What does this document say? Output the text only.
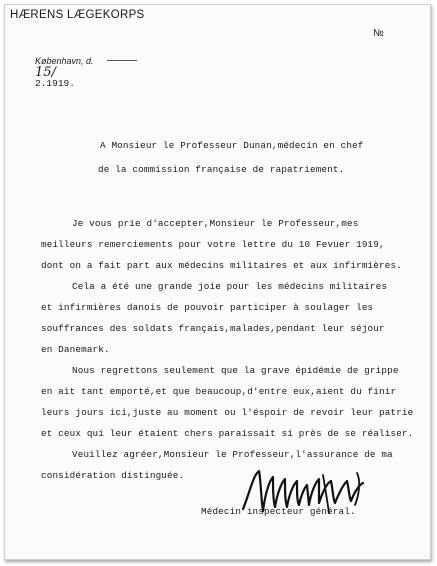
HÆRENS LÆGEKORPS
№

København, d.
15/
2.1919.

A Monsieur le Professeur Dunan,médecin en chef
de la commission française de rapatriement.
Je vous prie d'accepter,Monsieur le Professeur,mes
meilleurs remerciements pour votre lettre du 10 Fevuer 1919,
dont on a fait part aux médecins militaires et aux infirmières.
Cela a été une grande joie pour les médecins militaires
et infirmières danois de pouvoir participer à soulager les
souffrances des soldats français,malades,pendant leur séjour
en Danemark.
Nous regrettons seulement que la grave épidémie de grippe
en ait tant emporté,et que beaucoup,d'entre eux,aient du finir
leurs jours ici,juste au moment ou l'éspoir de revoir leur patrie
et ceux qui leur étaient chers paraissait si près de se réaliser.
Veuillez agréer,Monsieur le Professeur,l'assurance de ma
considération distinguée.
Médecin inspecteur général.
